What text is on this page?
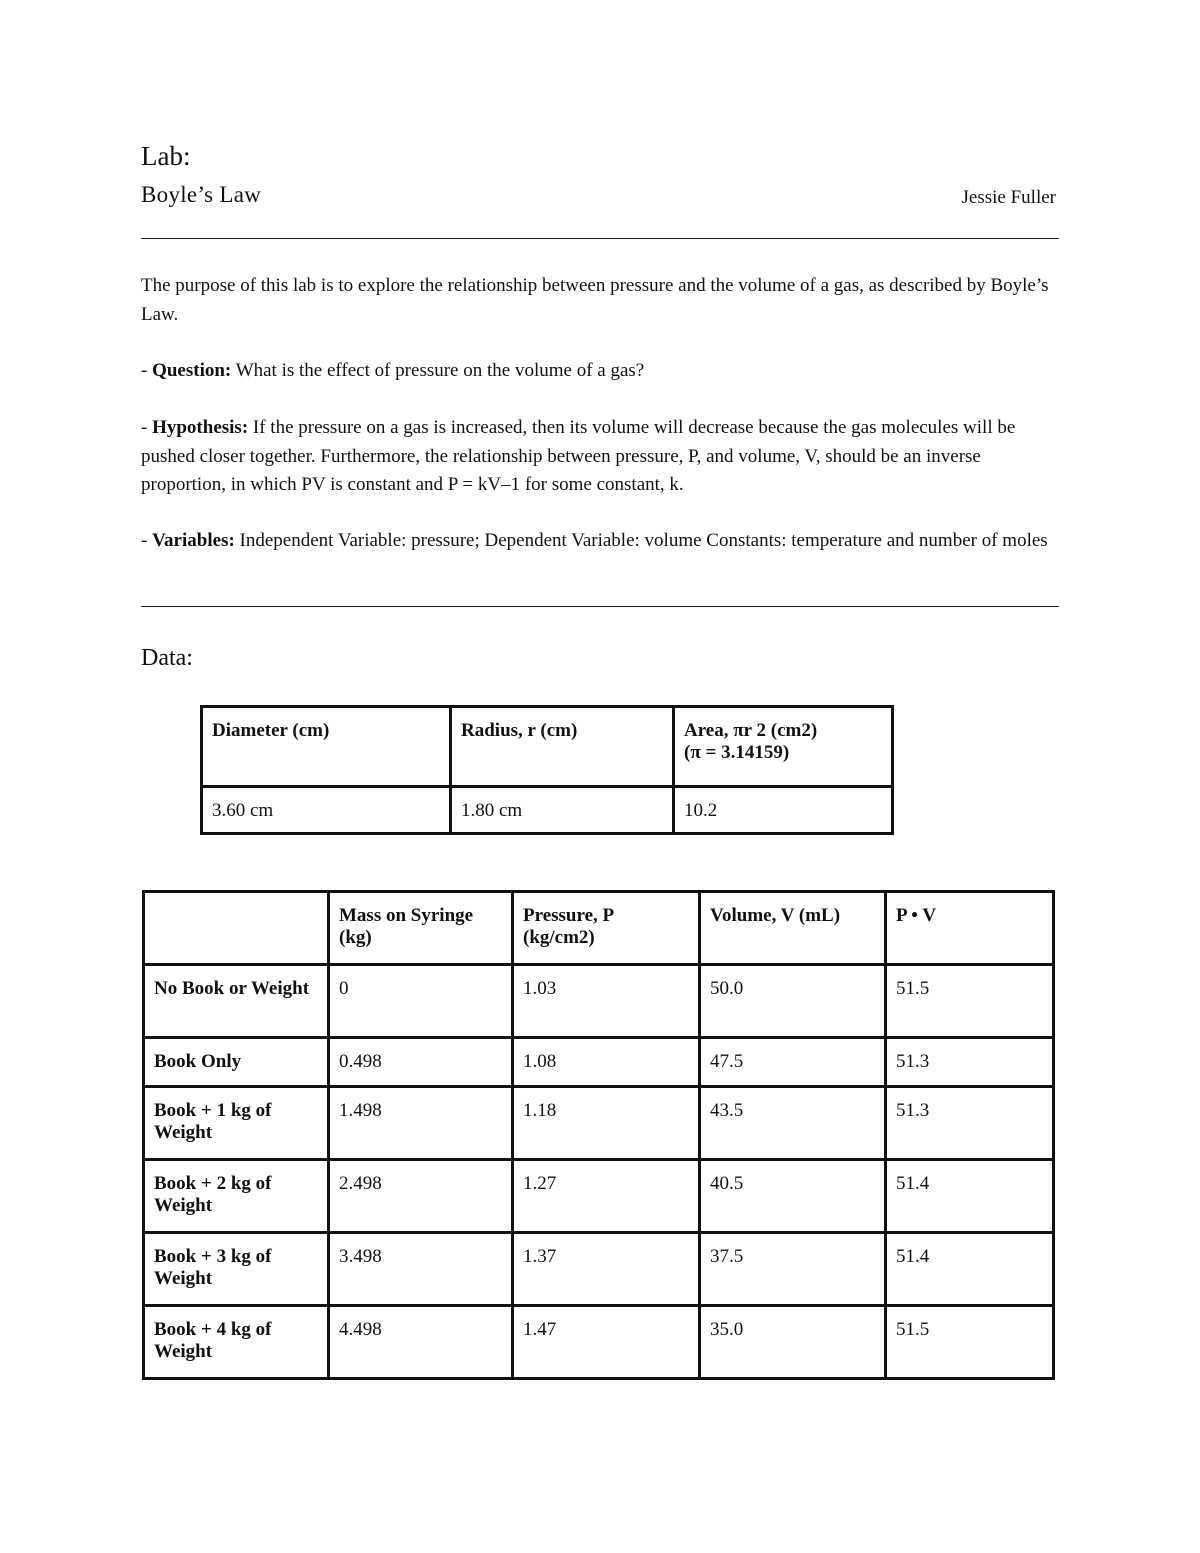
Lab:
Boyle’s Law	Jessie Fuller
The purpose of this lab is to explore the relationship between pressure and the volume of a gas, as described by Boyle’s Law.
- Question: What is the effect of pressure on the volume of a gas?
- Hypothesis: If the pressure on a gas is increased, then its volume will decrease because the gas molecules will be pushed closer together. Furthermore, the relationship between pressure, P, and volume, V, should be an inverse proportion, in which PV is constant and P = kV–1 for some constant, k.
- Variables: Independent Variable: pressure; Dependent Variable: volume Constants: temperature and number of moles
Data:
Diameter (cm)	Radius, r (cm)	Area, πr 2 (cm2)
(π = 3.14159)
3.60 cm	1.80 cm	10.2
	Mass on Syringe (kg)	Pressure, P (kg/cm2)	Volume, V (mL)	P • V
No Book or Weight	0	1.03	50.0	51.5
Book Only	0.498	1.08	47.5	51.3
Book + 1 kg of Weight	1.498	1.18	43.5	51.3
Book + 2 kg of Weight	2.498	1.27	40.5	51.4
Book + 3 kg of Weight	3.498	1.37	37.5	51.4
Book + 4 kg of Weight	4.498	1.47	35.0	51.5
